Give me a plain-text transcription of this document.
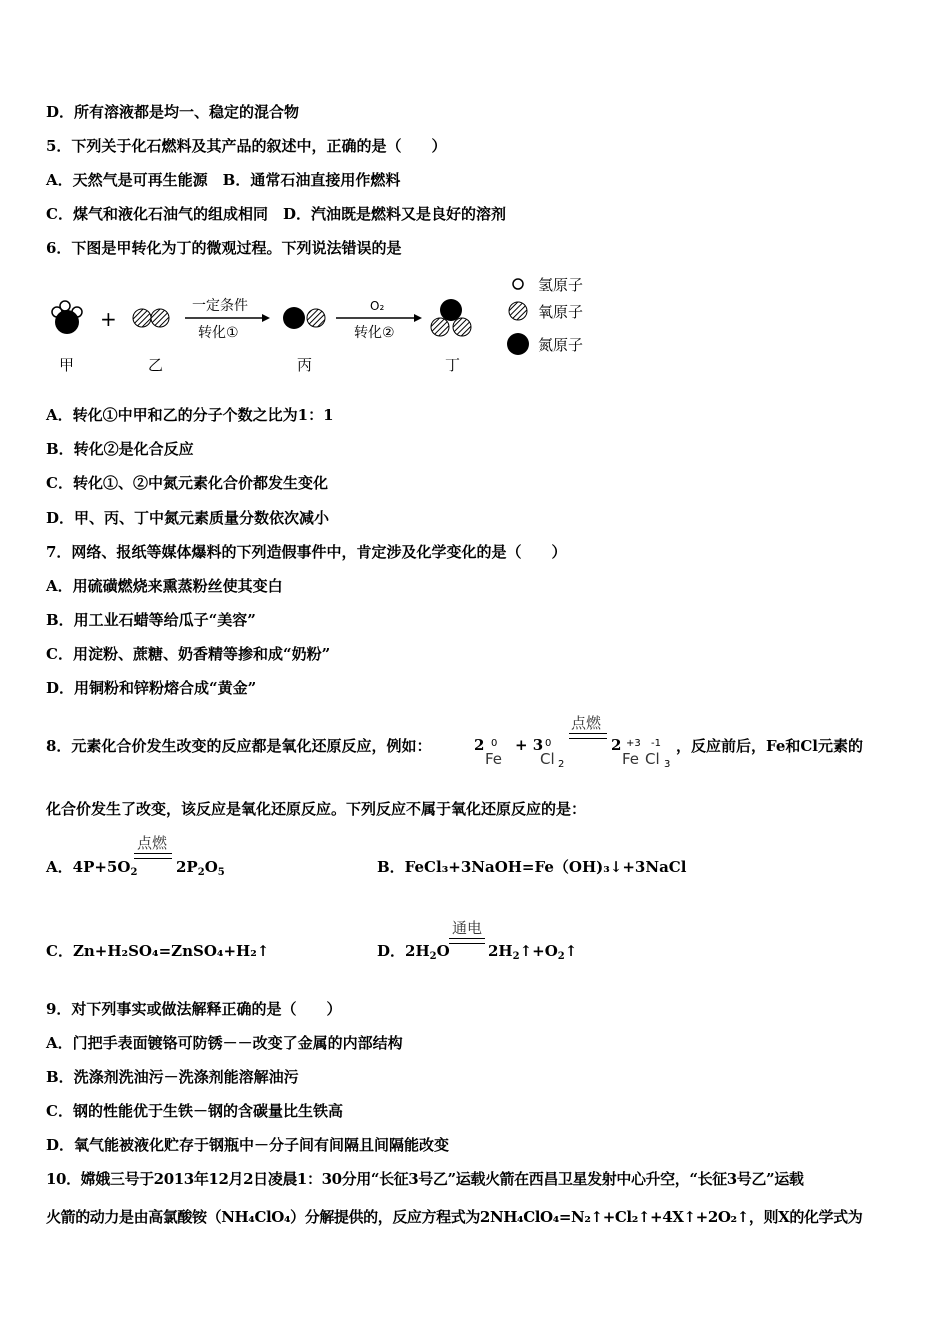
D．所有溶液都是均一、稳定的混合物
5．下列关于化石燃料及其产品的叙述中，正确的是（　　）
A．天然气是可再生能源　B．通常石油直接用作燃料
C．煤气和液化石油气的组成相同　D．汽油既是燃料又是良好的溶剂
6．下图是甲转化为丁的微观过程。下列说法错误的是
+
一定条件
转化①
O₂
转化②
甲	乙	丙	丁
氢原子
氧原子
氮原子
A．转化①中甲和乙的分子个数之比为1：1
B．转化②是化合反应
C．转化①、②中氮元素化合价都发生变化
D．甲、丙、丁中氮元素质量分数依次减小
7．网络、报纸等媒体爆料的下列造假事件中，肯定涉及化学变化的是（　　）
A．用硫磺燃烧来熏蒸粉丝使其变白
B．用工业石蜡等给瓜子“美容”
C．用淀粉、蔗糖、奶香精等掺和成“奶粉”
D．用铜粉和锌粉熔合成“黄金”
8．元素化合价发生改变的反应都是氧化还原反应，例如：	2 0
Fe
+ 3 0
Cl 2
点燃
2 +3
Fe
-1
Cl 3
，反应前后，Fe和Cl元素的
化合价发生了改变，该反应是氧化还原反应。下列反应不属于氧化还原反应的是：
A．$4P+5O_2$
点燃
$2P_2O_5$	B．FeCl₃+3NaOH=Fe（OH)₃↓+3NaCl
C．Zn+H₂SO₄=ZnSO₄+H₂↑	D．$2H_2O$
通电
$2H_2↑+O_2↑$
9．对下列事实或做法解释正确的是（　　）
A．门把手表面镀铬可防锈－－改变了金属的内部结构
B．洗涤剂洗油污－洗涤剂能溶解油污
C．钢的性能优于生铁－钢的含碳量比生铁高
D．氧气能被液化贮存于钢瓶中－分子间有间隔且间隔能改变
10．嫦娥三号于2013年12月2日凌晨1：30分用“长征3号乙”运载火箭在西昌卫星发射中心升空，“长征3号乙”运载
火箭的动力是由高氯酸铵（NH₄ClO₄）分解提供的，反应方程式为2NH₄ClO₄=N₂↑+Cl₂↑+4X↑+2O₂↑，则X的化学式为
